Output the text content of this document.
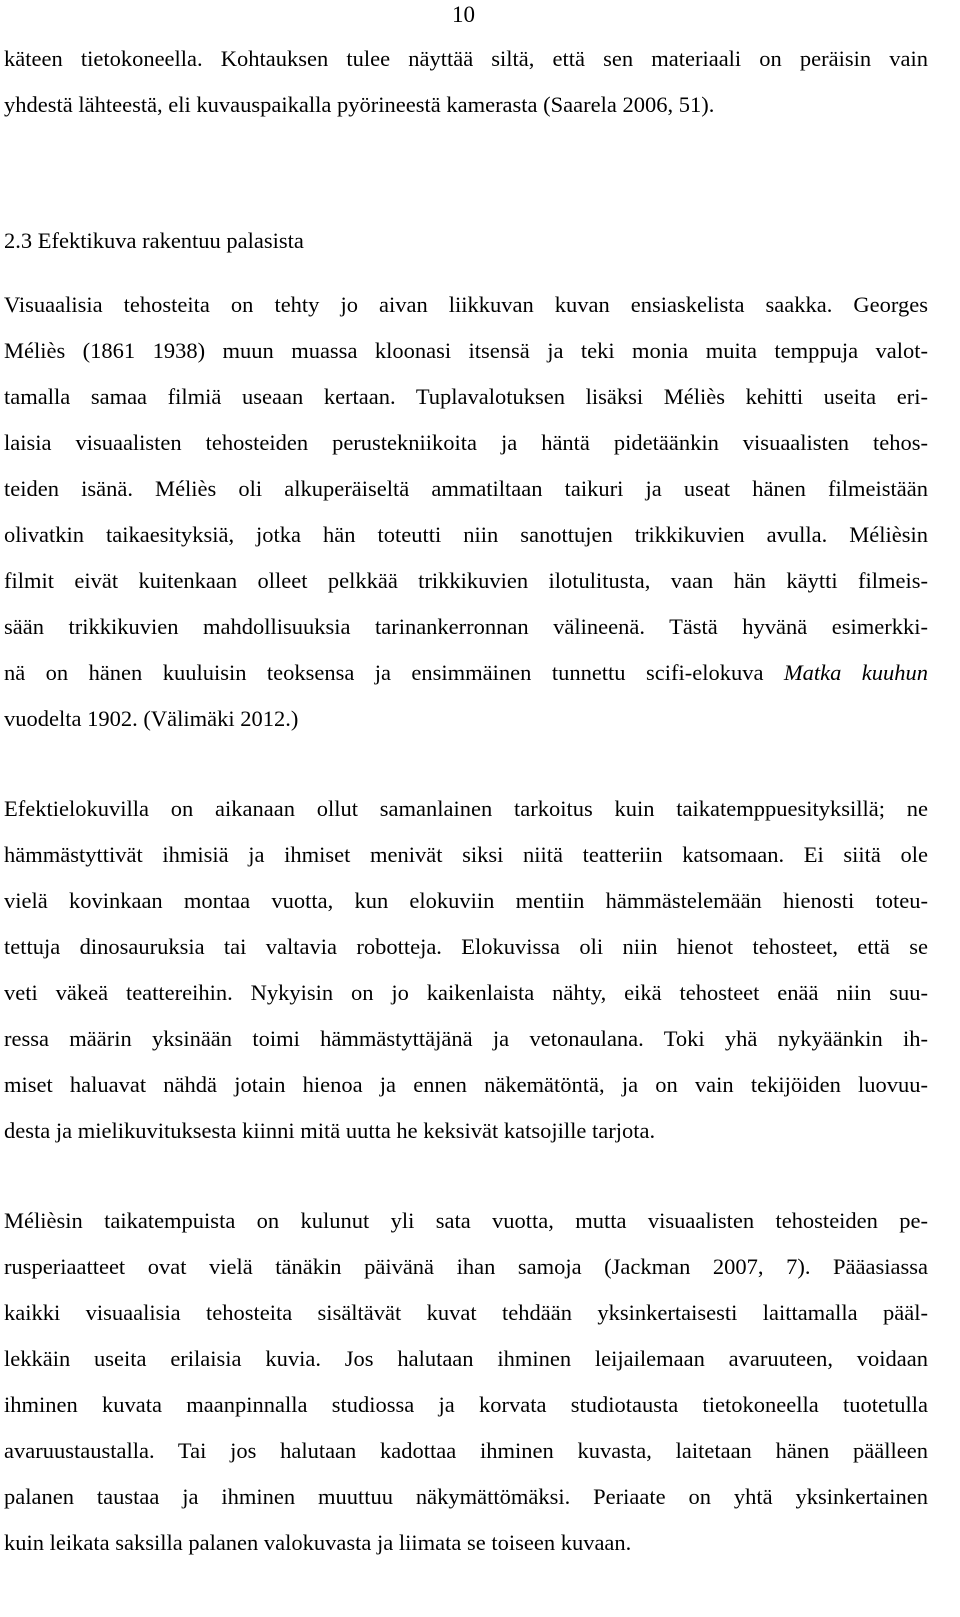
10
käteen tietokoneella. Kohtauksen tulee näyttää siltä, että sen materiaali on peräisin vain
yhdestä lähteestä, eli kuvauspaikalla pyörineestä kamerasta (Saarela 2006, 51).
2.3 Efektikuva rakentuu palasista
Visuaalisia tehosteita on tehty jo aivan liikkuvan kuvan ensiaskelista saakka. Georges
Méliès (1861 1938) muun muassa kloonasi itsensä ja teki monia muita temppuja valot-
tamalla samaa filmiä useaan kertaan. Tuplavalotuksen lisäksi Méliès kehitti useita eri-
laisia visuaalisten tehosteiden perustekniikoita ja häntä pidetäänkin visuaalisten tehos-
teiden isänä. Méliès oli alkuperäiseltä ammatiltaan taikuri ja useat hänen filmeistään
olivatkin taikaesityksiä, jotka hän toteutti niin sanottujen trikkikuvien avulla. Mélièsin
filmit eivät kuitenkaan olleet pelkkää trikkikuvien ilotulitusta, vaan hän käytti filmeis-
sään trikkikuvien mahdollisuuksia tarinankerronnan välineenä. Tästä hyvänä esimerkki-
nä on hänen kuuluisin teoksensa ja ensimmäinen tunnettu scifi-elokuva Matka kuuhun
vuodelta 1902. (Välimäki 2012.)
Efektielokuvilla on aikanaan ollut samanlainen tarkoitus kuin taikatemppuesityksillä; ne
hämmästyttivät ihmisiä ja ihmiset menivät siksi niitä teatteriin katsomaan. Ei siitä ole
vielä kovinkaan montaa vuotta, kun elokuviin mentiin hämmästelemään hienosti toteu-
tettuja dinosauruksia tai valtavia robotteja. Elokuvissa oli niin hienot tehosteet, että se
veti väkeä teattereihin. Nykyisin on jo kaikenlaista nähty, eikä tehosteet enää niin suu-
ressa määrin yksinään toimi hämmästyttäjänä ja vetonaulana. Toki yhä nykyäänkin ih-
miset haluavat nähdä jotain hienoa ja ennen näkemätöntä, ja on vain tekijöiden luovuu-
desta ja mielikuvituksesta kiinni mitä uutta he keksivät katsojille tarjota.
Mélièsin taikatempuista on kulunut yli sata vuotta, mutta visuaalisten tehosteiden pe-
rusperiaatteet ovat vielä tänäkin päivänä ihan samoja (Jackman 2007, 7). Pääasiassa
kaikki visuaalisia tehosteita sisältävät kuvat tehdään yksinkertaisesti laittamalla pääl-
lekkäin useita erilaisia kuvia. Jos halutaan ihminen leijailemaan avaruuteen, voidaan
ihminen kuvata maanpinnalla studiossa ja korvata studiotausta tietokoneella tuotetulla
avaruustaustalla. Tai jos halutaan kadottaa ihminen kuvasta, laitetaan hänen päälleen
palanen taustaa ja ihminen muuttuu näkymättömäksi. Periaate on yhtä yksinkertainen
kuin leikata saksilla palanen valokuvasta ja liimata se toiseen kuvaan.
